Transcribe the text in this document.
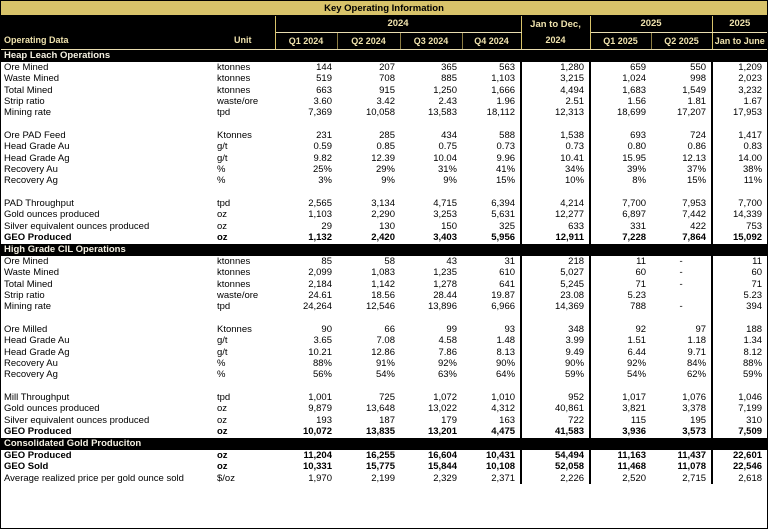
Key Operating Information
		2024				Jan to Dec,	2025		2025
Operating Data	Unit	Q1 2024	Q2 2024	Q3 2024	Q4 2024	2024	Q1 2025	Q2 2025	Jan to June
Heap Leach Operations									
Ore Mined	ktonnes	144	207	365	563	1,280	659	550	1,209
Waste Mined	ktonnes	519	708	885	1,103	3,215	1,024	998	2,023
Total Mined	ktonnes	663	915	1,250	1,666	4,494	1,683	1,549	3,232
Strip ratio	waste/ore	3.60	3.42	2.43	1.96	2.51	1.56	1.81	1.67
Mining rate	tpd	7,369	10,058	13,583	18,112	12,313	18,699	17,207	17,953

Ore PAD Feed	Ktonnes	231	285	434	588	1,538	693	724	1,417
Head Grade Au	g/t	0.59	0.85	0.75	0.73	0.73	0.80	0.86	0.83
Head Grade Ag	g/t	9.82	12.39	10.04	9.96	10.41	15.95	12.13	14.00
Recovery Au	%	25%	29%	31%	41%	34%	39%	37%	38%
Recovery Ag	%	3%	9%	9%	15%	10%	8%	15%	11%

PAD Throughput	tpd	2,565	3,134	4,715	6,394	4,214	7,700	7,953	7,700
Gold ounces produced	oz	1,103	2,290	3,253	5,631	12,277	6,897	7,442	14,339
Silver equivalent ounces produced	oz	29	130	150	325	633	331	422	753
GEO Produced	oz	1,132	2,420	3,403	5,956	12,911	7,228	7,864	15,092
High Grade CIL Operations									
Ore Mined	ktonnes	85	58	43	31	218	11	-	11
Waste Mined	ktonnes	2,099	1,083	1,235	610	5,027	60	-	60
Total Mined	ktonnes	2,184	1,142	1,278	641	5,245	71	-	71
Strip ratio	waste/ore	24.61	18.56	28.44	19.87	23.08	5.23		5.23
Mining rate	tpd	24,264	12,546	13,896	6,966	14,369	788	-	394

Ore Milled	Ktonnes	90	66	99	93	348	92	97	188
Head Grade Au	g/t	3.65	7.08	4.58	1.48	3.99	1.51	1.18	1.34
Head Grade Ag	g/t	10.21	12.86	7.86	8.13	9.49	6.44	9.71	8.12
Recovery Au	%	88%	91%	92%	90%	90%	92%	84%	88%
Recovery Ag	%	56%	54%	63%	64%	59%	54%	62%	59%

Mill Throughput	tpd	1,001	725	1,072	1,010	952	1,017	1,076	1,046
Gold ounces produced	oz	9,879	13,648	13,022	4,312	40,861	3,821	3,378	7,199
Silver equivalent ounces produced	oz	193	187	179	163	722	115	195	310
GEO Produced	oz	10,072	13,835	13,201	4,475	41,583	3,936	3,573	7,509
Consolidated Gold Produciton									
GEO Produced	oz	11,204	16,255	16,604	10,431	54,494	11,163	11,437	22,601
GEO Sold	oz	10,331	15,775	15,844	10,108	52,058	11,468	11,078	22,546
Average realized price per gold ounce sold	$/oz	1,970	2,199	2,329	2,371	2,226	2,520	2,715	2,618
